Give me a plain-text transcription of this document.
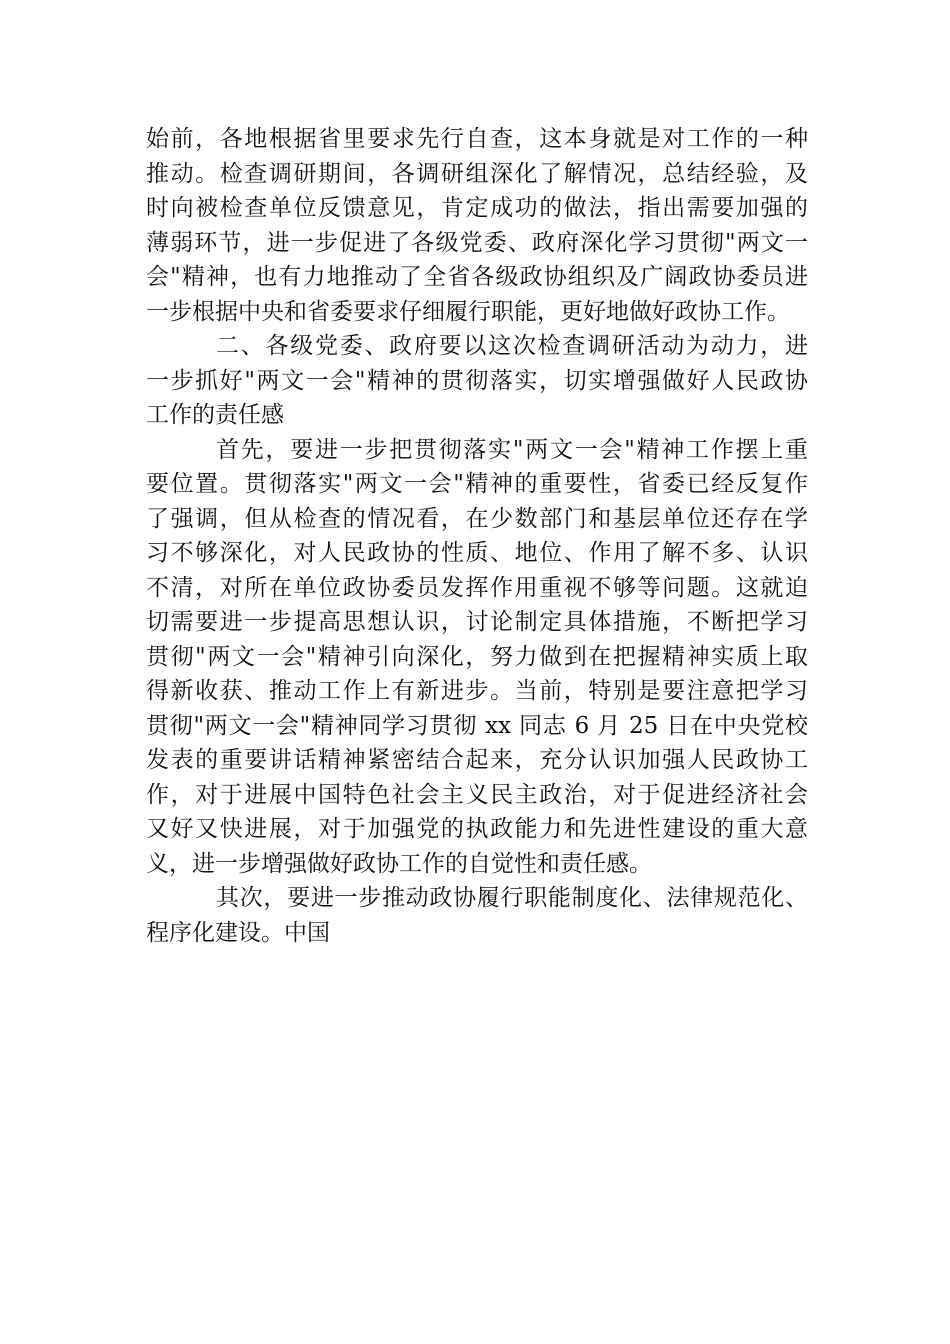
始前，各地根据省里要求先行自查，这本身就是对工作的一种
推动。检查调研期间，各调研组深化了解情况，总结经验，及
时向被检查单位反馈意见，肯定成功的做法，指出需要加强的
薄弱环节，进一步促进了各级党委、政府深化学习贯彻"两文一
会"精神，也有力地推动了全省各级政协组织及广阔政协委员进
一步根据中央和省委要求仔细履行职能，更好地做好政协工作。
二、各级党委、政府要以这次检查调研活动为动力，进
一步抓好"两文一会"精神的贯彻落实，切实增强做好人民政协
工作的责任感
首先，要进一步把贯彻落实"两文一会"精神工作摆上重
要位置。贯彻落实"两文一会"精神的重要性，省委已经反复作
了强调，但从检查的情况看，在少数部门和基层单位还存在学
习不够深化，对人民政协的性质、地位、作用了解不多、认识
不清，对所在单位政协委员发挥作用重视不够等问题。这就迫
切需要进一步提高思想认识，讨论制定具体措施，不断把学习
贯彻"两文一会"精神引向深化，努力做到在把握精神实质上取
得新收获、推动工作上有新进步。当前，特别是要注意把学习
贯彻"两文一会"精神同学习贯彻 xx 同志 6 月 25 日在中央党校
发表的重要讲话精神紧密结合起来，充分认识加强人民政协工
作，对于进展中国特色社会主义民主政治，对于促进经济社会
又好又快进展，对于加强党的执政能力和先进性建设的重大意
义，进一步增强做好政协工作的自觉性和责任感。
其次，要进一步推动政协履行职能制度化、法律规范化、
程序化建设。中国
